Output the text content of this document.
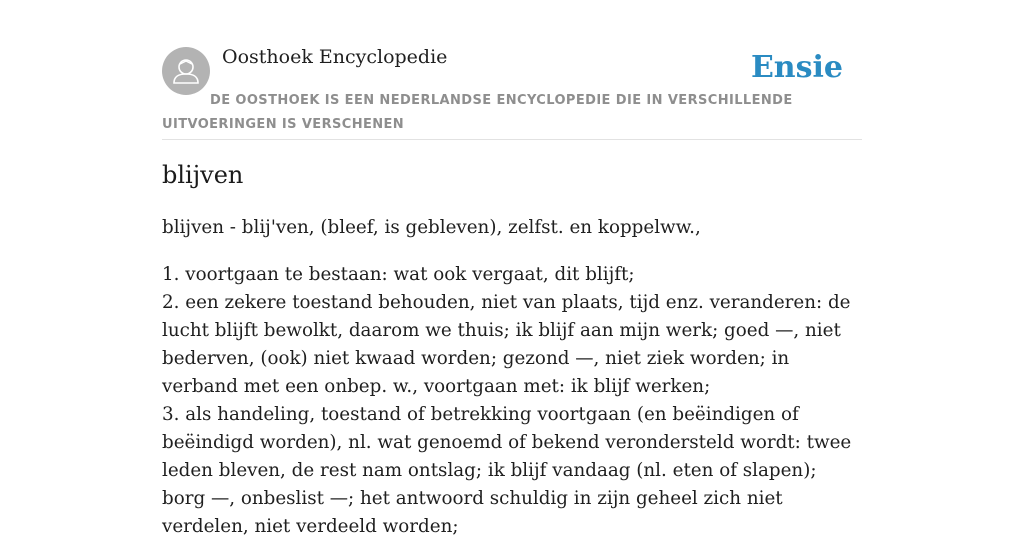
Oosthoek Encyclopedie	Ensie
DE OOSTHOEK IS EEN NEDERLANDSE ENCYCLOPEDIE DIE IN VERSCHILLENDE UITVOERINGEN IS VERSCHENEN
blijven

blijven - blij'ven, (bleef, is gebleven), zelfst. en koppelww.,

1. voortgaan te bestaan: wat ook vergaat, dit blijft;
2. een zekere toestand behouden, niet van plaats, tijd enz. veranderen: de lucht blijft bewolkt, daarom we thuis; ik blijf aan mijn werk; goed —, niet bederven, (ook) niet kwaad worden; gezond —, niet ziek worden; in verband met een onbep. w., voortgaan met: ik blijf werken;
3. als handeling, toestand of betrekking voortgaan (en beëindigen of beëindigd worden), nl. wat genoemd of bekend verondersteld wordt: twee leden bleven, de rest nam ontslag; ik blijf vandaag (nl. eten of slapen); borg —, onbeslist —; het antwoord schuldig in zijn geheel zich niet verdelen, niet verdeeld worden;
